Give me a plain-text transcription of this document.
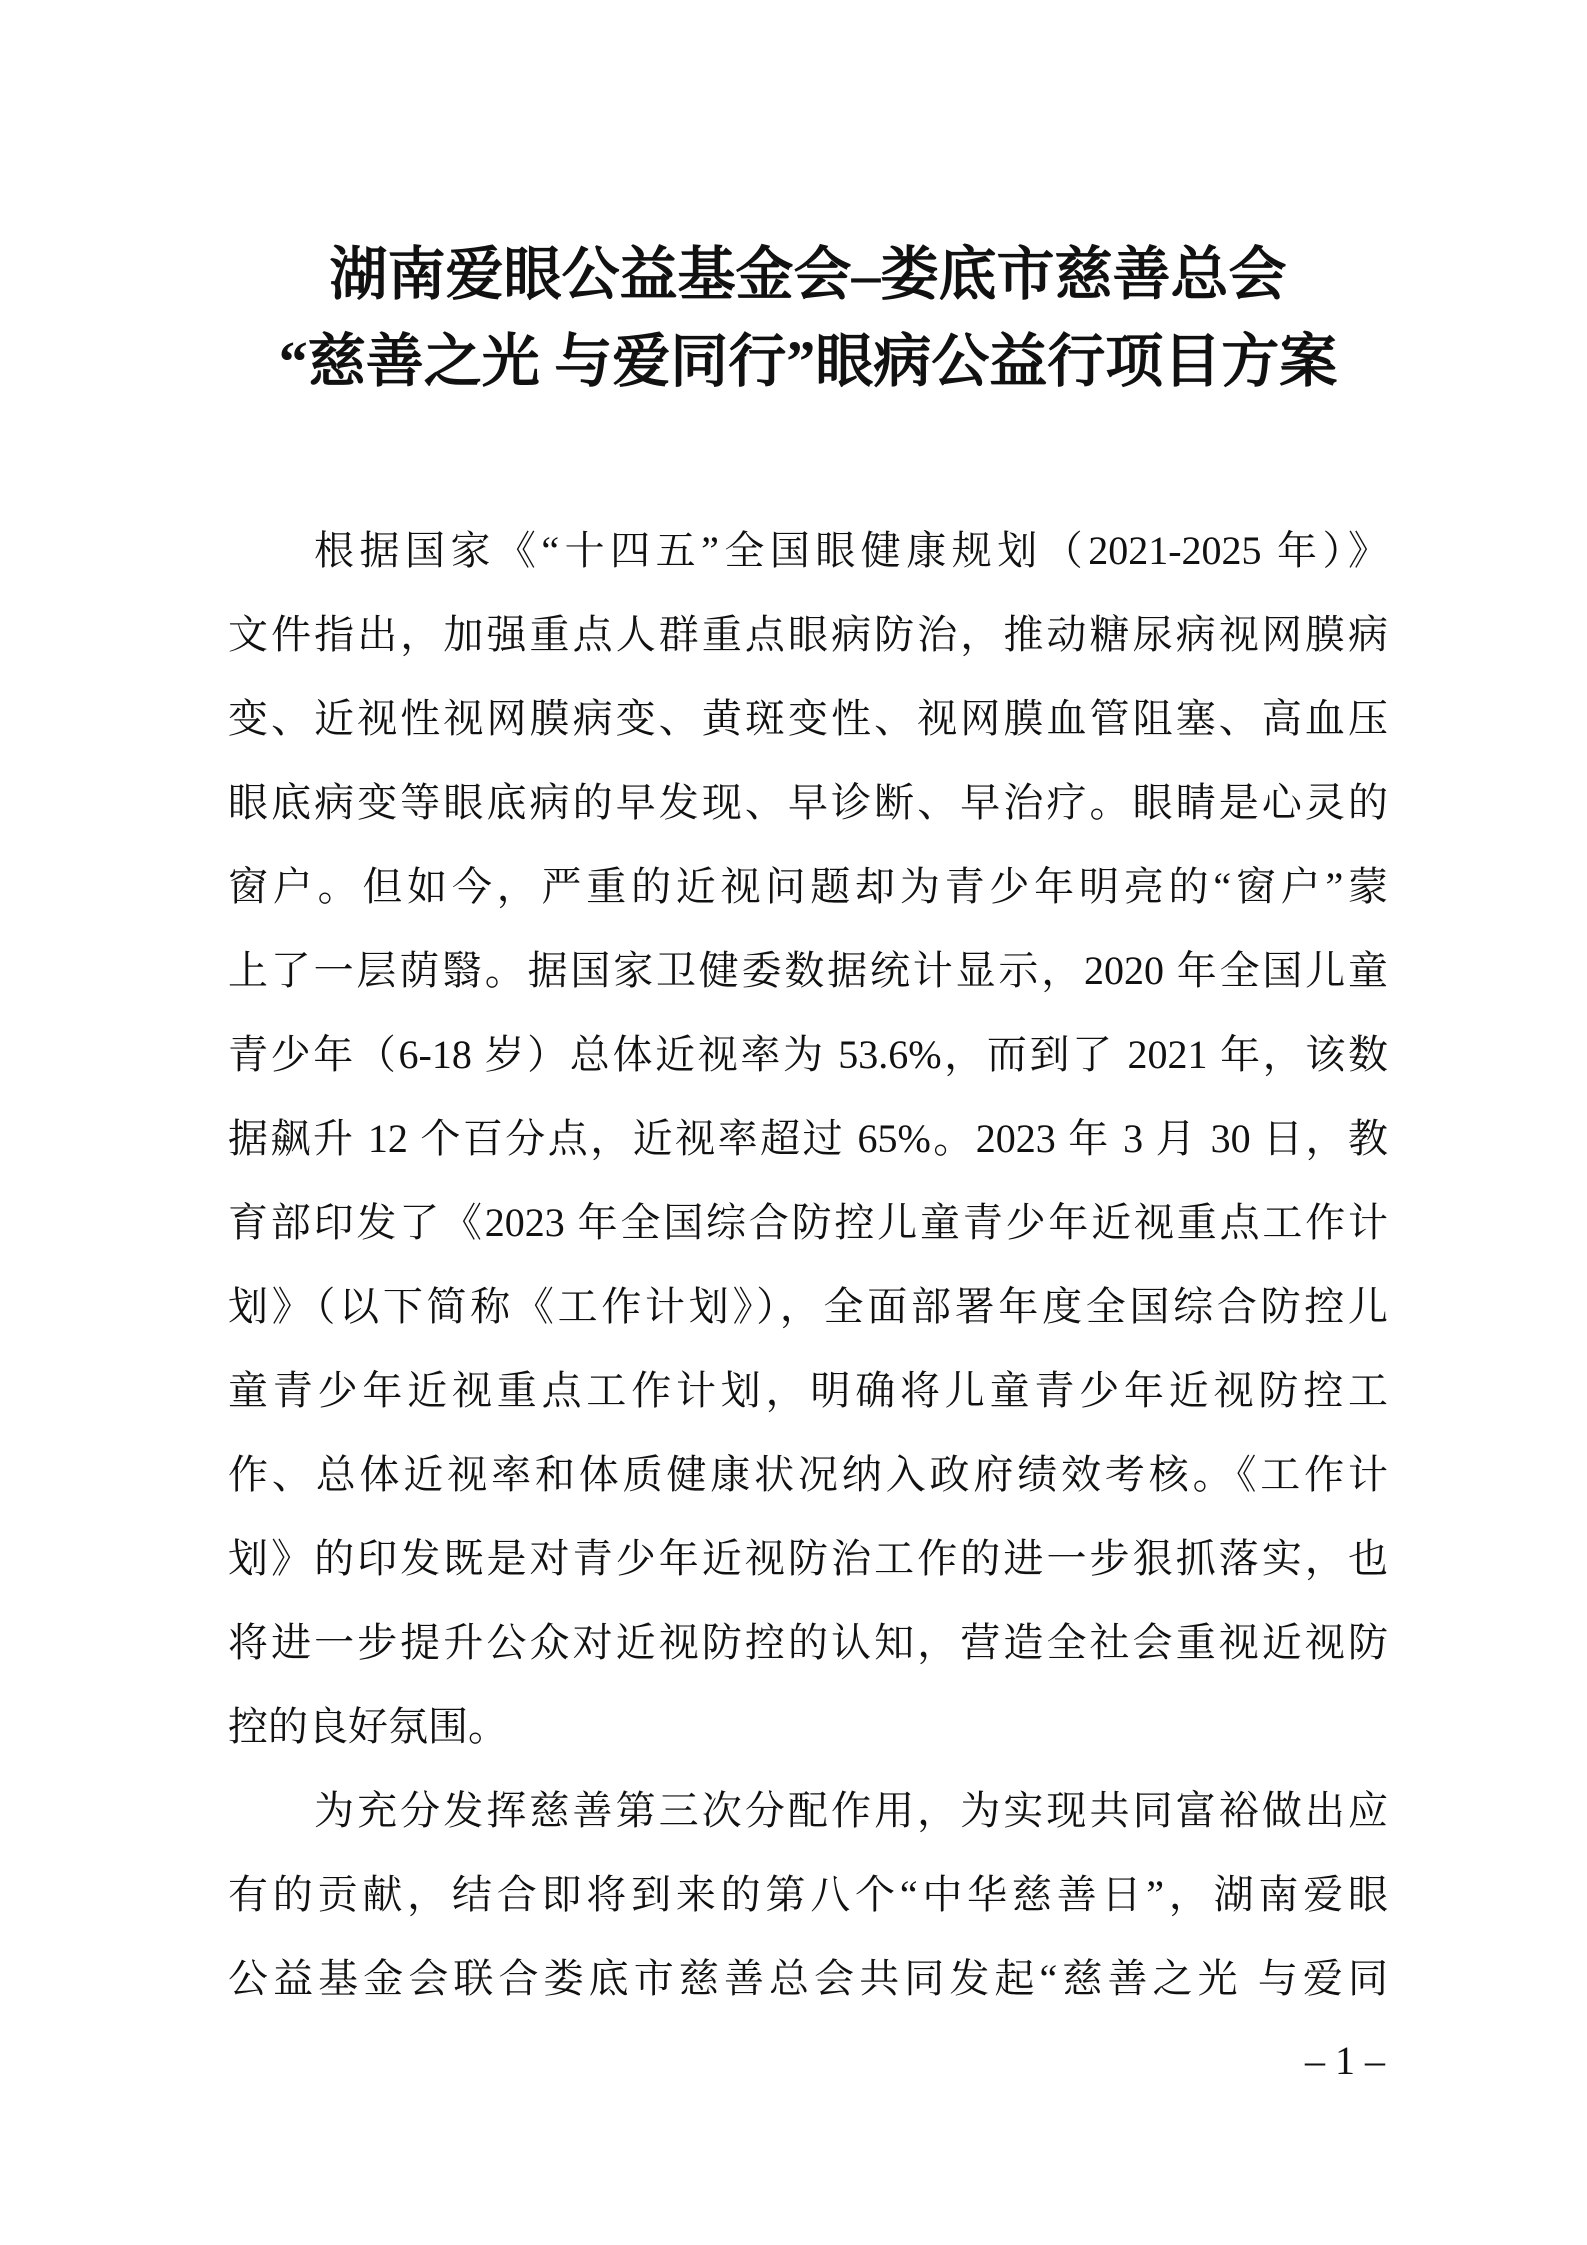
湖南爱眼公益基金会–娄底市慈善总会
“慈善之光 与爱同行”眼病公益行项目方案
根据国家《“十四五”全国眼健康规划（2021-2025 年）》
文件指出，加强重点人群重点眼病防治，推动糖尿病视网膜病
变、近视性视网膜病变、黄斑变性、视网膜血管阻塞、高血压
眼底病变等眼底病的早发现、早诊断、早治疗。眼睛是心灵的
窗户。但如今，严重的近视问题却为青少年明亮的“窗户”蒙
上了一层荫翳。据国家卫健委数据统计显示，2020 年全国儿童
青少年（6-18 岁）总体近视率为 53.6%，而到了 2021 年，该数
据飙升 12 个百分点，近视率超过 65%。2023 年 3 月 30 日，教
育部印发了《2023 年全国综合防控儿童青少年近视重点工作计
划》（以下简称《工作计划》），全面部署年度全国综合防控儿
童青少年近视重点工作计划，明确将儿童青少年近视防控工
作、总体近视率和体质健康状况纳入政府绩效考核。《工作计
划》的印发既是对青少年近视防治工作的进一步狠抓落实，也
将进一步提升公众对近视防控的认知，营造全社会重视近视防
控的良好氛围。
为充分发挥慈善第三次分配作用，为实现共同富裕做出应
有的贡献，结合即将到来的第八个“中华慈善日”，湖南爱眼
公益基金会联合娄底市慈善总会共同发起“慈善之光 与爱同
– 1 –
